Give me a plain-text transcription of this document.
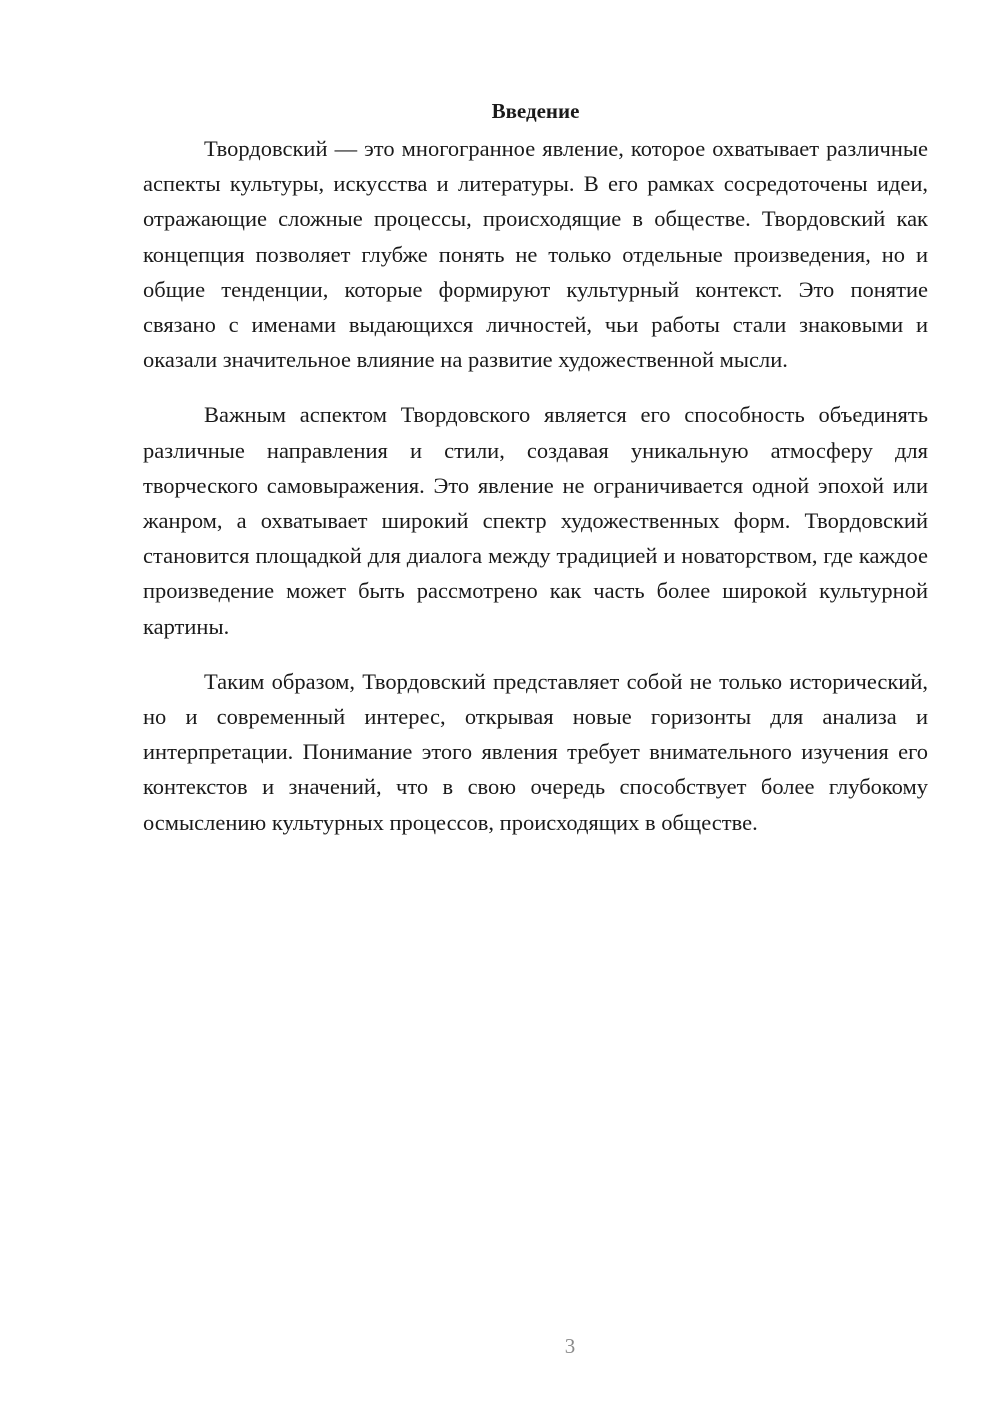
Введение

Твордовский — это многогранное явление, которое охватывает различные аспекты культуры, искусства и литературы. В его рамках сосредоточены идеи, отражающие сложные процессы, происходящие в обществе. Твордовский как концепция позволяет глубже понять не только отдельные произведения, но и общие тенденции, которые формируют культурный контекст. Это понятие связано с именами выдающихся личностей, чьи работы стали знаковыми и оказали значительное влияние на развитие художественной мысли.

Важным аспектом Твордовского является его способность объединять различные направления и стили, создавая уникальную атмосферу для творческого самовыражения. Это явление не ограничивается одной эпохой или жанром, а охватывает широкий спектр художественных форм. Твордовский становится площадкой для диалога между традицией и новаторством, где каждое произведение может быть рассмотрено как часть более широкой культурной картины.

Таким образом, Твордовский представляет собой не только исторический, но и современный интерес, открывая новые горизонты для анализа и интерпретации. Понимание этого явления требует внимательного изучения его контекстов и значений, что в свою очередь способствует более глубокому осмыслению культурных процессов, происходящих в обществе.

3
